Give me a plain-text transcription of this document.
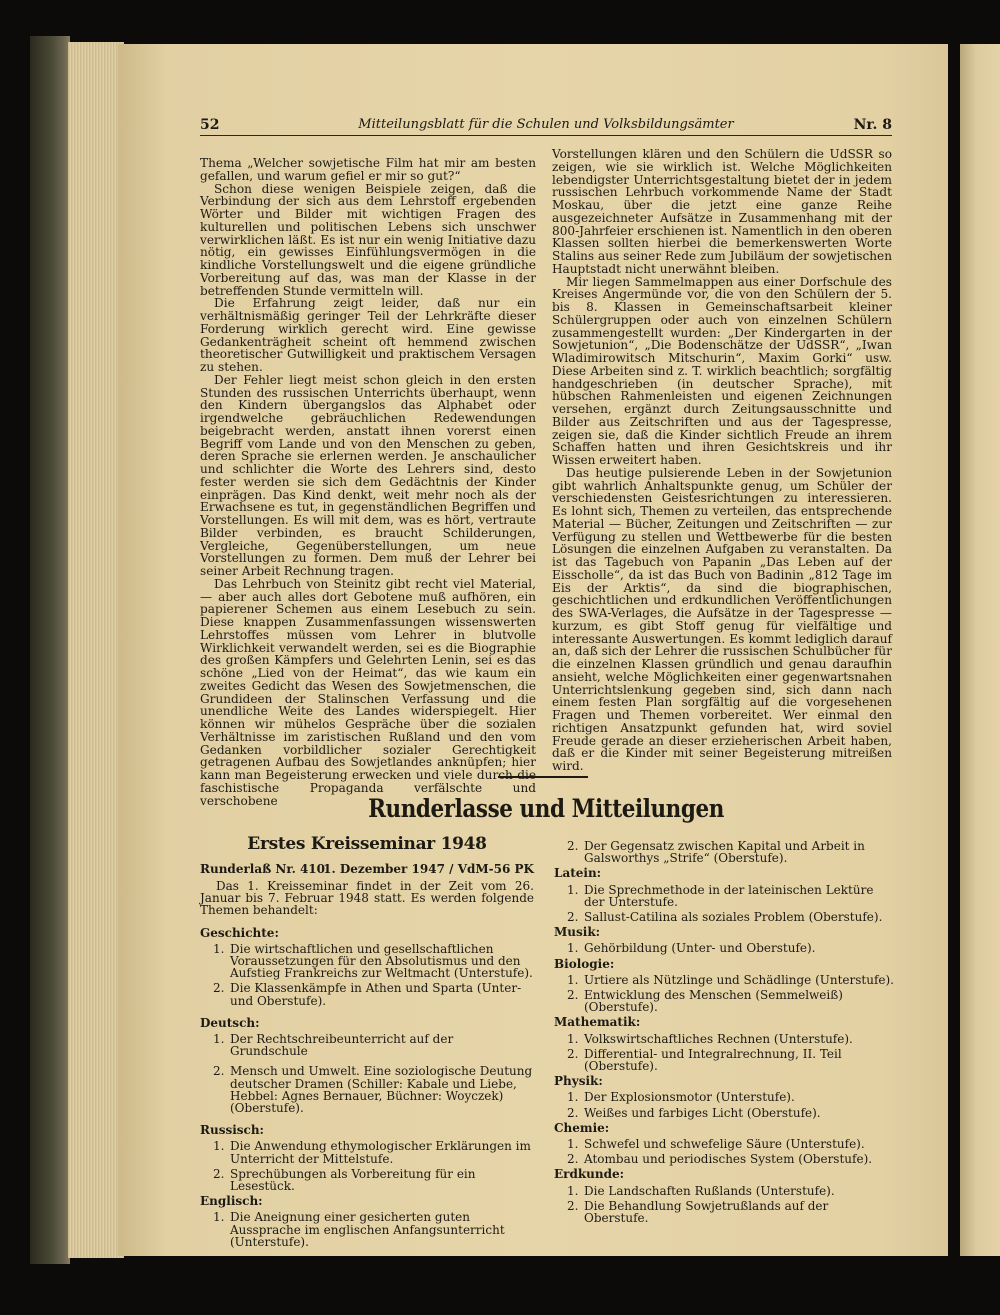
52	Mitteilungsblatt für die Schulen und Volksbildungsämter	Nr. 8

Thema „Welcher sowjetische Film hat mir am besten gefallen, und warum gefiel er mir so gut?“

Schon diese wenigen Beispiele zeigen, daß die Verbindung der sich aus dem Lehrstoff ergebenden Wörter und Bilder mit wichtigen Fragen des kulturellen und politischen Lebens sich unschwer verwirklichen läßt. Es ist nur ein wenig Initiative dazu nötig, ein gewisses Einfühlungsvermögen in die kindliche Vorstellungswelt und die eigene gründliche Vorbereitung auf das, was man der Klasse in der betreffenden Stunde vermitteln will.

Die Erfahrung zeigt leider, daß nur ein verhältnismäßig geringer Teil der Lehrkräfte dieser Forderung wirklich gerecht wird. Eine gewisse Gedankenträgheit scheint oft hemmend zwischen theoretischer Gutwilligkeit und praktischem Versagen zu stehen.

Der Fehler liegt meist schon gleich in den ersten Stunden des russischen Unterrichts überhaupt, wenn den Kindern übergangslos das Alphabet oder irgendwelche gebräuchlichen Redewendungen beigebracht werden, anstatt ihnen vorerst einen Begriff vom Lande und von den Menschen zu geben, deren Sprache sie erlernen werden. Je anschaulicher und schlichter die Worte des Lehrers sind, desto fester werden sie sich dem Gedächtnis der Kinder einprägen. Das Kind denkt, weit mehr noch als der Erwachsene es tut, in gegenständlichen Begriffen und Vorstellungen. Es will mit dem, was es hört, vertraute Bilder verbinden, es braucht Schilderungen, Vergleiche, Gegenüberstellungen, um neue Vorstellungen zu formen. Dem muß der Lehrer bei seiner Arbeit Rechnung tragen.

Das Lehrbuch von Steinitz gibt recht viel Material, — aber auch alles dort Gebotene muß aufhören, ein papierener Schemen aus einem Lesebuch zu sein. Diese knappen Zusammenfassungen wissenswerten Lehrstoffes müssen vom Lehrer in blutvolle Wirklichkeit verwandelt werden, sei es die Biographie des großen Kämpfers und Gelehrten Lenin, sei es das schöne „Lied von der Heimat“, das wie kaum ein zweites Gedicht das Wesen des Sowjetmenschen, die Grundideen der Stalinschen Verfassung und die unendliche Weite des Landes widerspiegelt. Hier können wir mühelos Gespräche über die sozialen Verhältnisse im zaristischen Rußland und den vom Gedanken vorbildlicher sozialer Gerechtigkeit getragenen Aufbau des Sowjetlandes anknüpfen; hier kann man Begeisterung erwecken und viele durch die faschistische Propaganda verfälschte und verschobene

Vorstellungen klären und den Schülern die UdSSR so zeigen, wie sie wirklich ist. Welche Möglichkeiten lebendigster Unterrichtsgestaltung bietet der in jedem russischen Lehrbuch vorkommende Name der Stadt Moskau, über die jetzt eine ganze Reihe ausgezeichneter Aufsätze in Zusammenhang mit der 800-Jahrfeier erschienen ist. Namentlich in den oberen Klassen sollten hierbei die bemerkenswerten Worte Stalins aus seiner Rede zum Jubiläum der sowjetischen Hauptstadt nicht unerwähnt bleiben.

Mir liegen Sammelmappen aus einer Dorfschule des Kreises Angermünde vor, die von den Schülern der 5. bis 8. Klassen in Gemeinschaftsarbeit kleiner Schülergruppen oder auch von einzelnen Schülern zusammengestellt wurden: „Der Kindergarten in der Sowjetunion“, „Die Bodenschätze der UdSSR“, „Iwan Wladimirowitsch Mitschurin“, Maxim Gorki“ usw. Diese Arbeiten sind z. T. wirklich beachtlich; sorgfältig handgeschrieben (in deutscher Sprache), mit hübschen Rahmenleisten und eigenen Zeichnungen versehen, ergänzt durch Zeitungsausschnitte und Bilder aus Zeitschriften und aus der Tagespresse, zeigen sie, daß die Kinder sichtlich Freude an ihrem Schaffen hatten und ihren Gesichtskreis und ihr Wissen erweitert haben.

Das heutige pulsierende Leben in der Sowjetunion gibt wahrlich Anhaltspunkte genug, um Schüler der verschiedensten Geistesrichtungen zu interessieren. Es lohnt sich, Themen zu verteilen, das entsprechende Material — Bücher, Zeitungen und Zeitschriften — zur Verfügung zu stellen und Wettbewerbe für die besten Lösungen die einzelnen Aufgaben zu veranstalten. Da ist das Tagebuch von Papanin „Das Leben auf der Eisscholle“, da ist das Buch von Badinin „812 Tage im Eis der Arktis“, da sind die biographischen, geschichtlichen und erdkundlichen Veröffentlichungen des SWA-Verlages, die Aufsätze in der Tagespresse — kurzum, es gibt Stoff genug für vielfältige und interessante Auswertungen. Es kommt lediglich darauf an, daß sich der Lehrer die russischen Schulbücher für die einzelnen Klassen gründlich und genau daraufhin ansieht, welche Möglichkeiten einer gegenwartsnahen Unterrichtslenkung gegeben sind, sich dann nach einem festen Plan sorgfältig auf die vorgesehenen Fragen und Themen vorbereitet. Wer einmal den richtigen Ansatzpunkt gefunden hat, wird soviel Freude gerade an dieser erzieherischen Arbeit haben, daß er die Kinder mit seiner Begeisterung mitreißen wird.

Runderlasse und Mitteilungen
Erstes Kreisseminar 1948
Runderlaß Nr. 410
1. Dezember 1947 / VdM-56 PK

Das 1. Kreisseminar findet in der Zeit vom 26. Januar bis 7. Februar 1948 statt. Es werden folgende Themen behandelt:

Geschichte:
1. Die wirtschaftlichen und gesellschaftlichen Voraussetzungen für den Absolutismus und den Aufstieg Frankreichs zur Weltmacht (Unterstufe).
2. Die Klassenkämpfe in Athen und Sparta (Unter- und Oberstufe).
Deutsch:
1. Der Rechtschreibeunterricht auf der Grundschule
2. Mensch und Umwelt. Eine soziologische Deutung deutscher Dramen (Schiller: Kabale und Liebe, Hebbel: Agnes Bernauer, Büchner: Woyczek) (Oberstufe).
Russisch:
1. Die Anwendung ethymologischer Erklärungen im Unterricht der Mittelstufe.
2. Sprechübungen als Vorbereitung für ein Lesestück.
Englisch:
1. Die Aneignung einer gesicherten guten Aussprache im englischen Anfangsunterricht (Unterstufe).
2. Der Gegensatz zwischen Kapital und Arbeit in Galsworthys „Strife“ (Oberstufe).
Latein:
1. Die Sprechmethode in der lateinischen Lektüre der Unterstufe.
2. Sallust-Catilina als soziales Problem (Oberstufe).
Musik:
1. Gehörbildung (Unter- und Oberstufe).
Biologie:
1. Urtiere als Nützlinge und Schädlinge (Unterstufe).
2. Entwicklung des Menschen (Semmelweiß) (Oberstufe).
Mathematik:
1. Volkswirtschaftliches Rechnen (Unterstufe).
2. Differential- und Integralrechnung, II. Teil (Oberstufe).
Physik:
1. Der Explosionsmotor (Unterstufe).
2. Weißes und farbiges Licht (Oberstufe).
Chemie:
1. Schwefel und schwefelige Säure (Unterstufe).
2. Atombau und periodisches System (Oberstufe).
Erdkunde:
1. Die Landschaften Rußlands (Unterstufe).
2. Die Behandlung Sowjetrußlands auf der Oberstufe.
